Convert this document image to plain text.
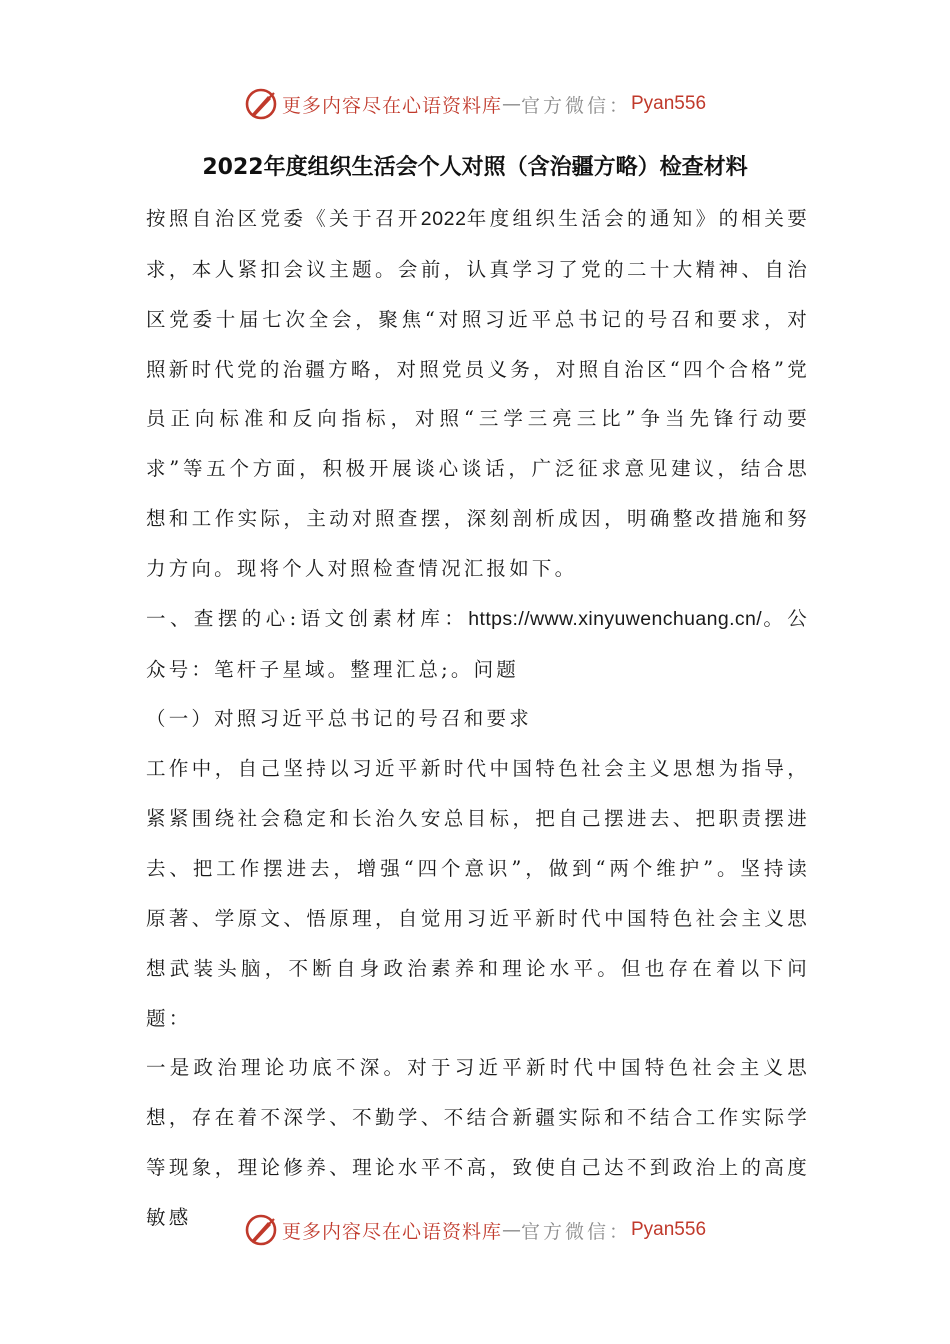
更多内容尽在心语资料库 — 官方微信： Pyan556
2022年度组织生活会个人对照（含治疆方略）检查材料

按照自治区党委《关于召开2022年度组织生活会的通知》的相关要求，本人紧扣会议主题。会前，认真学习了党的二十大精神、自治区党委十届七次全会，聚焦“对照习近平总书记的号召和要求，对照新时代党的治疆方略，对照党员义务，对照自治区“四个合格”党员正向标准和反向指标，对照“三学三亮三比”争当先锋行动要求”等五个方面，积极开展谈心谈话，广泛征求意见建议，结合思想和工作实际，主动对照查摆，深刻剖析成因，明确整改措施和努力方向。现将个人对照检查情况汇报如下。

一、查摆的心:语文创素材库：https://www.xinyuwenchuang.cn/。公众号：笔杆子星域。整理汇总;。问题

（一）对照习近平总书记的号召和要求

工作中，自己坚持以习近平新时代中国特色社会主义思想为指导，紧紧围绕社会稳定和长治久安总目标，把自己摆进去、把职责摆进去、把工作摆进去，增强“四个意识”，做到“两个维护”。坚持读原著、学原文、悟原理，自觉用习近平新时代中国特色社会主义思想武装头脑，不断自身政治素养和理论水平。但也存在着以下问题：

一是政治理论功底不深。对于习近平新时代中国特色社会主义思想，存在着不深学、不勤学、不结合新疆实际和不结合工作实际学等现象，理论修养、理论水平不高，致使自己达不到政治上的高度敏感

更多内容尽在心语资料库 — 官方微信： Pyan556
